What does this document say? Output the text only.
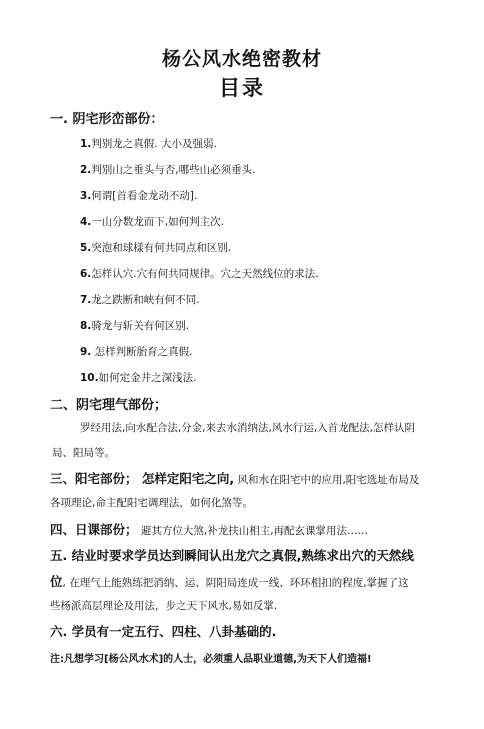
杨公风水绝密教材
目录
一. 阴宅形峦部份：
1.判别龙之真假. 大小及强弱.
2.判别山之垂头与否,哪些山必须垂头.
3.何谓[首看金龙动不动].
4.一山分数龙而下,如何判主次.
5.突泡和球樣有何共同点和区别.
6.怎样认穴.穴有何共同规律。穴之天然线位的求法.
7.龙之跌断和峡有何不同.
8.骑龙与斩关有何区别.
9. 怎样判断胎育之真假.
10.如何定金井之深浅法.
二、阴宅理气部份；
罗经用法,向水配合法,分金,来去水消纳法,风水行运,入首龙配法,怎样认阴
局、阳局等。
三、阳宅部份； 怎样定阳宅之向, 风和水在阳宅中的应用,阳宅选址布局及
各项理论,命主配阳宅调理法，如何化煞等。
四、日课部份； 避其方位大煞,补龙扶山相主,再配玄课掌用法……
五. 结业时要求学员达到瞬间认出龙穴之真假,熟练求出穴的天然线
位, 在理气上能熟练把消纳、运、阴阳局连成一线、环环相扣的程度,掌握了这
些杨派高层理论及用法，步之天下风水,易如反掌.
六. 学员有一定五行、四柱、八卦基础的.
注:凡想学习[杨公风水术]的人士，必须重人品职业道德,为天下人们造福!
